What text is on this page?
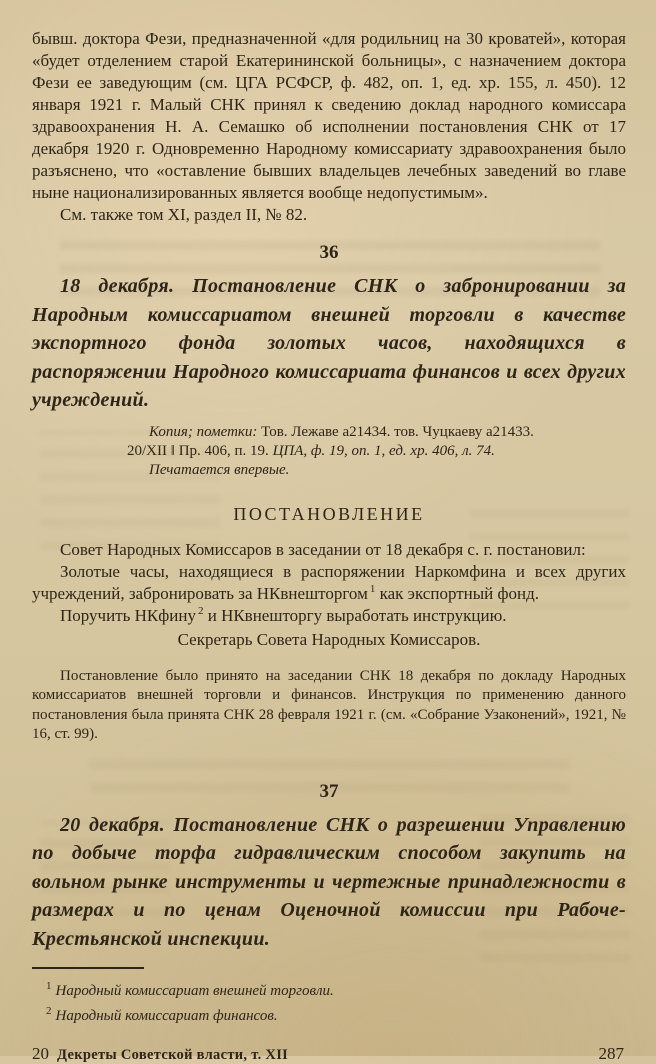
бывш. доктора Фези, предназначенной «для родильниц на 30 кроватей», которая «будет отделением старой Екатерининской больницы», с назначением доктора Фези ее заведующим (см. ЦГА РСФСР, ф. 482, оп. 1, ед. хр. 155, л. 450). 12 января 1921 г. Малый СНК принял к сведению доклад народного комиссара здравоохранения Н. А. Семашко об исполнении постановления СНК от 17 декабря 1920 г. Одновременно Народному комиссариату здравоохранения было разъяснено, что «оставление бывших владельцев лечебных заведений во главе ныне национализированных является вообще недопустимым».

См. также том XI, раздел II, № 82.

36

18 декабря. Постановление СНК о забронировании за Народным комиссариатом внешней торговли в качестве экспортного фонда золотых часов, находящихся в распоряжении Народного комиссариата финансов и всех других учреждений.

Копия; пометки: Тов. Лежаве а21434. тов. Чуцкаеву а21433.

20/XII ‖ Пр. 406, п. 19. ЦПА, ф. 19, оп. 1, ед. хр. 406, л. 74.

Печатается впервые.

ПОСТАНОВЛЕНИЕ

Совет Народных Комиссаров в заседании от 18 декабря с. г. постановил:

Золотые часы, находящиеся в распоряжении Наркомфина и всех других учреждений, забронировать за НКвнешторгом $^1$ как экспортный фонд.

Поручить НКфину $^2$ и НКвнешторгу выработать инструкцию.

Секретарь Совета Народных Комиссаров.

Постановление было принято на заседании СНК 18 декабря по докладу Народных комиссариатов внешней торговли и финансов. Инструкция по применению данного постановления была принята СНК 28 февраля 1921 г. (см. «Собрание Узаконений», 1921, № 16, ст. 99).

37

20 декабря. Постановление СНК о разрешении Управлению по добыче торфа гидравлическим способом закупить на вольном рынке инструменты и чертежные принадлежности в размерах и по ценам Оценочной комиссии при Рабоче-Крестьянской инспекции.

$^1$ Народный комиссариат внешней торговли.

$^2$ Народный комиссариат финансов.

20 Декреты Советской власти, т. XII	287
